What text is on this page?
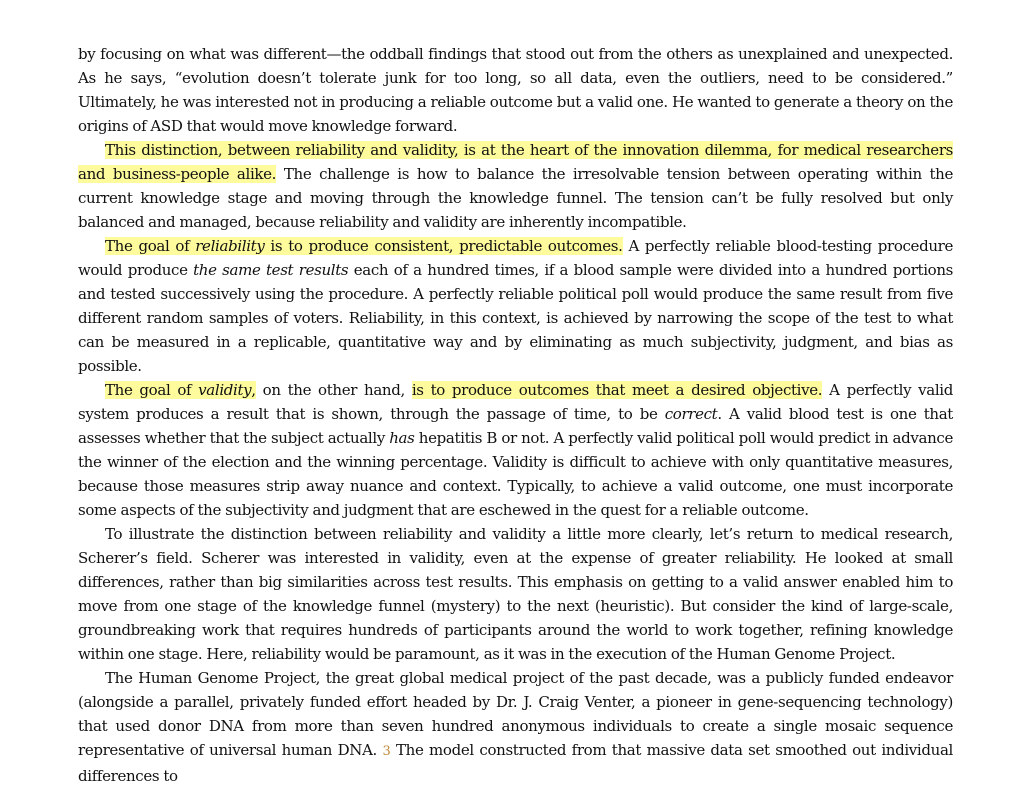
by focusing on what was different—the oddball findings that stood out from the others as unexplained and unexpected. As he says, “evolution doesn’t tolerate junk for too long, so all data, even the outliers, need to be considered.” Ultimately, he was interested not in producing a reliable outcome but a valid one. He wanted to generate a theory on the origins of ASD that would move knowledge forward.

This distinction, between reliability and validity, is at the heart of the innovation dilemma, for medical researchers and business-people alike. The challenge is how to balance the irresolvable tension between operating within the current knowledge stage and moving through the knowledge funnel. The tension can’t be fully resolved but only balanced and managed, because reliability and validity are inherently incompatible.

The goal of reliability is to produce consistent, predictable outcomes. A perfectly reliable blood-testing procedure would produce the same test results each of a hundred times, if a blood sample were divided into a hundred portions and tested successively using the procedure. A perfectly reliable political poll would produce the same result from five different random samples of voters. Reliability, in this context, is achieved by narrowing the scope of the test to what can be measured in a replicable, quantitative way and by eliminating as much subjectivity, judgment, and bias as possible.

The goal of validity, on the other hand, is to produce outcomes that meet a desired objective. A perfectly valid system produces a result that is shown, through the passage of time, to be correct. A valid blood test is one that assesses whether that the subject actually has hepatitis B or not. A perfectly valid political poll would predict in advance the winner of the election and the winning percentage. Validity is difficult to achieve with only quantitative measures, because those measures strip away nuance and context. Typically, to achieve a valid outcome, one must incorporate some aspects of the subjectivity and judgment that are eschewed in the quest for a reliable outcome.

To illustrate the distinction between reliability and validity a little more clearly, let’s return to medical research, Scherer’s field. Scherer was interested in validity, even at the expense of greater reliability. He looked at small differences, rather than big similarities across test results. This emphasis on getting to a valid answer enabled him to move from one stage of the knowledge funnel (mystery) to the next (heuristic). But consider the kind of large-scale, groundbreaking work that requires hundreds of participants around the world to work together, refining knowledge within one stage. Here, reliability would be paramount, as it was in the execution of the Human Genome Project.

The Human Genome Project, the great global medical project of the past decade, was a publicly funded endeavor (alongside a parallel, privately funded effort headed by Dr. J. Craig Venter, a pioneer in gene-sequencing technology) that used donor DNA from more than seven hundred anonymous individuals to create a single mosaic sequence representative of universal human DNA. 3 The model constructed from that massive data set smoothed out individual differences to
